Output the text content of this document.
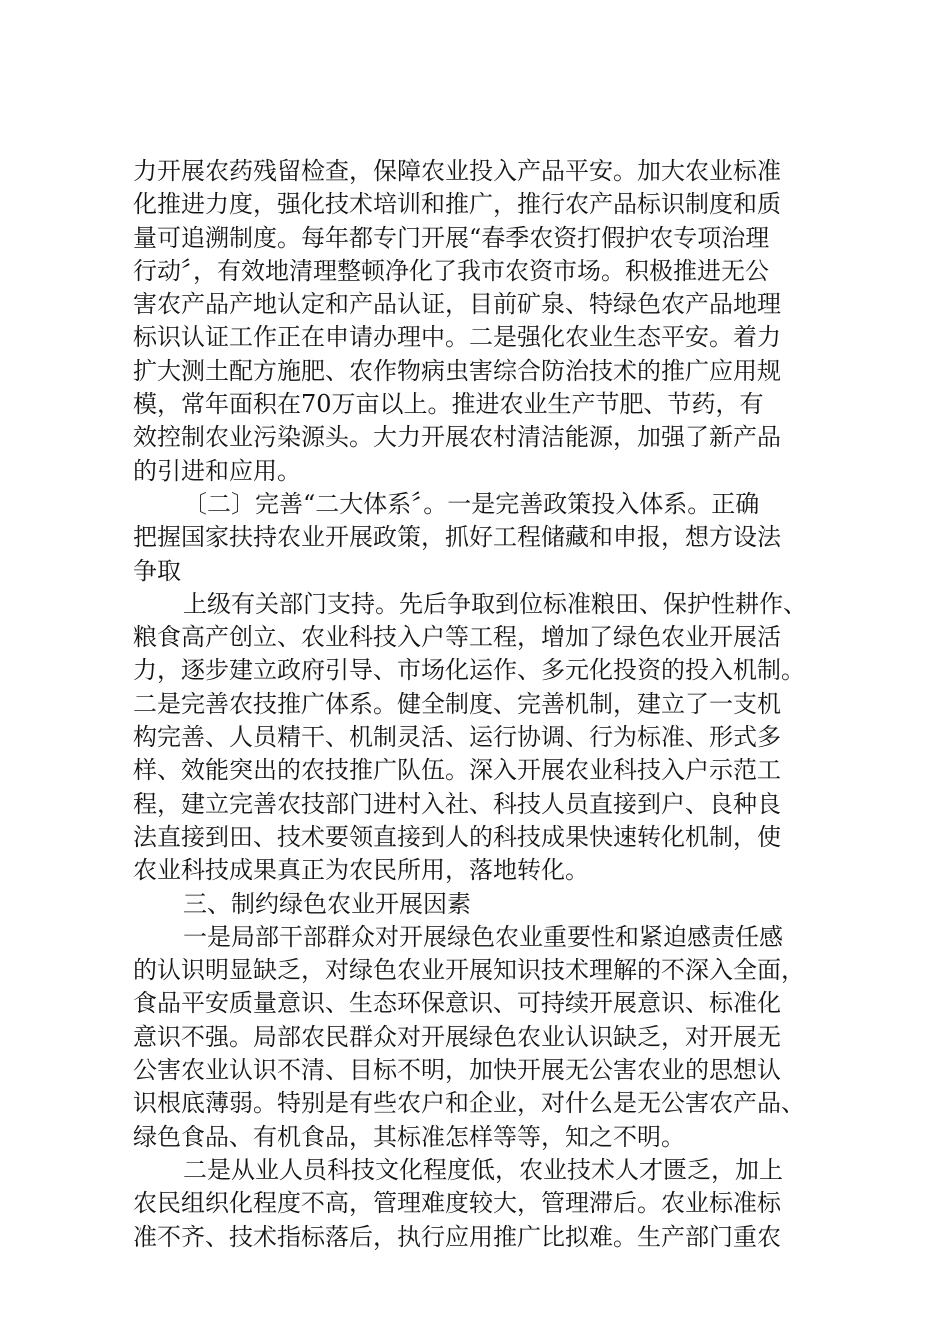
力开展农药残留检查，保障农业投入产品平安。加大农业标准
化推进力度，强化技术培训和推广，推行农产品标识制度和质
量可追溯制度。每年都专门开展“春季农资打假护农专项治理
行动〞，有效地清理整顿净化了我市农资市场。积极推进无公
害农产品产地认定和产品认证，目前矿泉、特绿色农产品地理
标识认证工作正在申请办理中。二是强化农业生态平安。着力
扩大测土配方施肥、农作物病虫害综合防治技术的推广应用规
模，常年面积在70万亩以上。推进农业生产节肥、节药，有
效控制农业污染源头。大力开展农村清洁能源，加强了新产品
的引进和应用。
〔二〕完善“二大体系〞。一是完善政策投入体系。正确
把握国家扶持农业开展政策，抓好工程储藏和申报，想方设法
争取
上级有关部门支持。先后争取到位标准粮田、保护性耕作、
粮食高产创立、农业科技入户等工程，增加了绿色农业开展活
力，逐步建立政府引导、市场化运作、多元化投资的投入机制。
二是完善农技推广体系。健全制度、完善机制，建立了一支机
构完善、人员精干、机制灵活、运行协调、行为标准、形式多
样、效能突出的农技推广队伍。深入开展农业科技入户示范工
程，建立完善农技部门进村入社、科技人员直接到户、良种良
法直接到田、技术要领直接到人的科技成果快速转化机制，使
农业科技成果真正为农民所用，落地转化。
三、制约绿色农业开展因素
一是局部干部群众对开展绿色农业重要性和紧迫感责任感
的认识明显缺乏，对绿色农业开展知识技术理解的不深入全面，
食品平安质量意识、生态环保意识、可持续开展意识、标准化
意识不强。局部农民群众对开展绿色农业认识缺乏，对开展无
公害农业认识不清、目标不明，加快开展无公害农业的思想认
识根底薄弱。特别是有些农户和企业，对什么是无公害农产品、
绿色食品、有机食品，其标准怎样等等，知之不明。
二是从业人员科技文化程度低，农业技术人才匮乏，加上
农民组织化程度不高，管理难度较大，管理滞后。农业标准标
准不齐、技术指标落后，执行应用推广比拟难。生产部门重农
